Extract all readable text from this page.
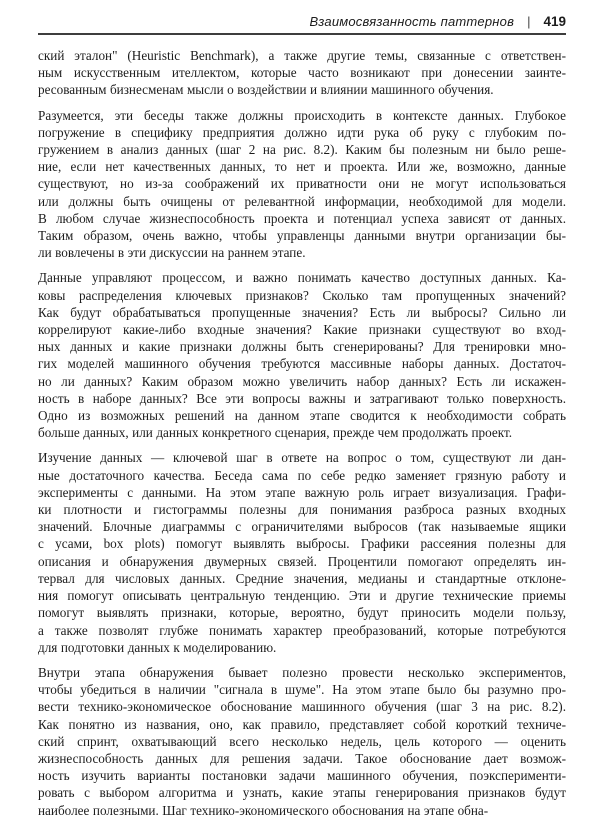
Взаимосвязанность паттернов | 419
ский эталон" (Heuristic Benchmark), а также другие темы, связанные с ответствен-
ным искусственным ителлектом, которые часто возникают при донесении заинте-
ресованным бизнесменам мысли о воздействии и влиянии машинного обучения.
Разумеется, эти беседы также должны происходить в контексте данных. Глубокое
погружение в специфику предприятия должно идти рука об руку с глубоким по-
гружением в анализ данных (шаг 2 на рис. 8.2). Каким бы полезным ни было реше-
ние, если нет качественных данных, то нет и проекта. Или же, возможно, данные
существуют, но из-за соображений их приватности они не могут использоваться
или должны быть очищены от релевантной информации, необходимой для модели.
В любом случае жизнеспособность проекта и потенциал успеха зависят от данных.
Таким образом, очень важно, чтобы управленцы данными внутри организации бы-
ли вовлечены в эти дискуссии на раннем этапе.
Данные управляют процессом, и важно понимать качество доступных данных. Ка-
ковы распределения ключевых признаков? Сколько там пропущенных значений?
Как будут обрабатываться пропущенные значения? Есть ли выбросы? Сильно ли
коррелируют какие-либо входные значения? Какие признаки существуют во вход-
ных данных и какие признаки должны быть сгенерированы? Для тренировки мно-
гих моделей машинного обучения требуются массивные наборы данных. Достаточ-
но ли данных? Каким образом можно увеличить набор данных? Есть ли искажен-
ность в наборе данных? Все эти вопросы важны и затрагивают только поверхность.
Одно из возможных решений на данном этапе сводится к необходимости собрать
больше данных, или данных конкретного сценария, прежде чем продолжать проект.
Изучение данных — ключевой шаг в ответе на вопрос о том, существуют ли дан-
ные достаточного качества. Беседа сама по себе редко заменяет грязную работу и
эксперименты с данными. На этом этапе важную роль играет визуализация. Графи-
ки плотности и гистограммы полезны для понимания разброса разных входных
значений. Блочные диаграммы с ограничителями выбросов (так называемые ящики
с усами, box plots) помогут выявлять выбросы. Графики рассеяния полезны для
описания и обнаружения двумерных связей. Процентили помогают определять ин-
тервал для числовых данных. Средние значения, медианы и стандартные отклоне-
ния помогут описывать центральную тенденцию. Эти и другие технические приемы
помогут выявлять признаки, которые, вероятно, будут приносить модели пользу,
а также позволят глубже понимать характер преобразований, которые потребуются
для подготовки данных к моделированию.
Внутри этапа обнаружения бывает полезно провести несколько экспериментов,
чтобы убедиться в наличии "сигнала в шуме". На этом этапе было бы разумно про-
вести технико-экономическое обоснование машинного обучения (шаг 3 на рис. 8.2).
Как понятно из названия, оно, как правило, представляет собой короткий техниче-
ский спринт, охватывающий всего несколько недель, цель которого — оценить
жизнеспособность данных для решения задачи. Такое обоснование дает возмож-
ность изучить варианты постановки задачи машинного обучения, поэксперименти-
ровать с выбором алгоритма и узнать, какие этапы генерирования признаков будут
наиболее полезными. Шаг технико-экономического обоснования на этапе обна-
